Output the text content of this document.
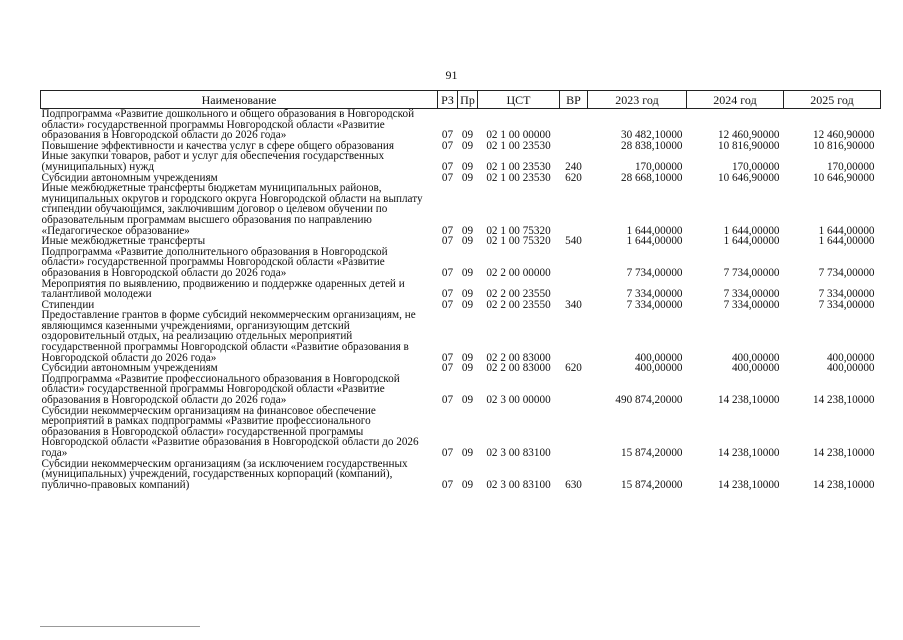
91
Наименование	РЗ	Пр	ЦСТ	ВР	2023 год	2024 год	2025 год
Подпрограмма «Развитие дошкольного и общего образования в Новгородской области» государственной программы Новгородской области «Развитие образования в Новгородской области до 2026 года»	07	09	02 1 00 00000		30 482,10000	12 460,90000	12 460,90000
Повышение эффективности и качества услуг в сфере общего образования	07	09	02 1 00 23530		28 838,10000	10 816,90000	10 816,90000
Иные закупки товаров, работ и услуг для обеспечения государственных (муниципальных) нужд	07	09	02 1 00 23530	240	170,00000	170,00000	170,00000
Субсидии автономным учреждениям	07	09	02 1 00 23530	620	28 668,10000	10 646,90000	10 646,90000
Иные межбюджетные трансферты бюджетам муниципальных районов, муниципальных округов и городского округа Новгородской области на выплату стипендии обучающимся, заключившим договор о целевом обучении по образовательным программам высшего образования по направлению «Педагогическое образование»	07	09	02 1 00 75320		1 644,00000	1 644,00000	1 644,00000
Иные межбюджетные трансферты	07	09	02 1 00 75320	540	1 644,00000	1 644,00000	1 644,00000
Подпрограмма «Развитие дополнительного образования в Новгородской области» государственной программы Новгородской области «Развитие образования в Новгородской области до 2026 года»	07	09	02 2 00 00000		7 734,00000	7 734,00000	7 734,00000
Мероприятия по выявлению, продвижению и поддержке одаренных детей и талантливой молодежи	07	09	02 2 00 23550		7 334,00000	7 334,00000	7 334,00000
Стипендии	07	09	02 2 00 23550	340	7 334,00000	7 334,00000	7 334,00000
Предоставление грантов в форме субсидий некоммерческим организациям, не являющимся казенными учреждениями, организующим детский оздоровительный отдых, на реализацию отдельных мероприятий государственной программы Новгородской области «Развитие образования в Новгородской области до 2026 года»	07	09	02 2 00 83000		400,00000	400,00000	400,00000
Субсидии автономным учреждениям	07	09	02 2 00 83000	620	400,00000	400,00000	400,00000
Подпрограмма «Развитие профессионального образования в Новгородской области» государственной программы Новгородской области «Развитие образования в Новгородской области до 2026 года»	07	09	02 3 00 00000		490 874,20000	14 238,10000	14 238,10000
Субсидии некоммерческим организациям на финансовое обеспечение мероприятий в рамках подпрограммы «Развитие профессионального образования в Новгородской области» государственной программы Новгородской области «Развитие образования в Новгородской области до 2026 года»	07	09	02 3 00 83100		15 874,20000	14 238,10000	14 238,10000
Субсидии некоммерческим организациям (за исключением государственных (муниципальных) учреждений, государственных корпораций (компаний), публично-правовых компаний)	07	09	02 3 00 83100	630	15 874,20000	14 238,10000	14 238,10000
